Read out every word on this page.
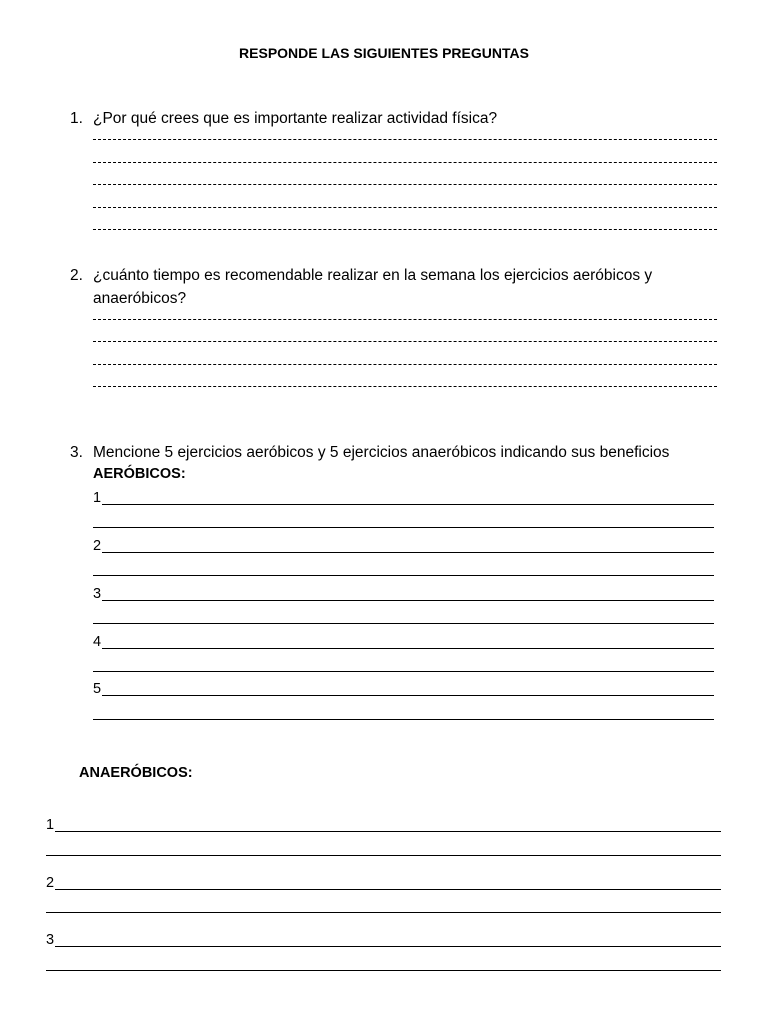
RESPONDE LAS SIGUIENTES PREGUNTAS
1. ¿Por qué crees que es importante realizar actividad física?
2. ¿cuánto tiempo es recomendable realizar en la semana los ejercicios aeróbicos y anaeróbicos?
3. Mencione 5 ejercicios aeróbicos y 5 ejercicios anaeróbicos indicando sus beneficios
AERÓBICOS:
1
2
3
4
5
ANAERÓBICOS:
1
2
3
